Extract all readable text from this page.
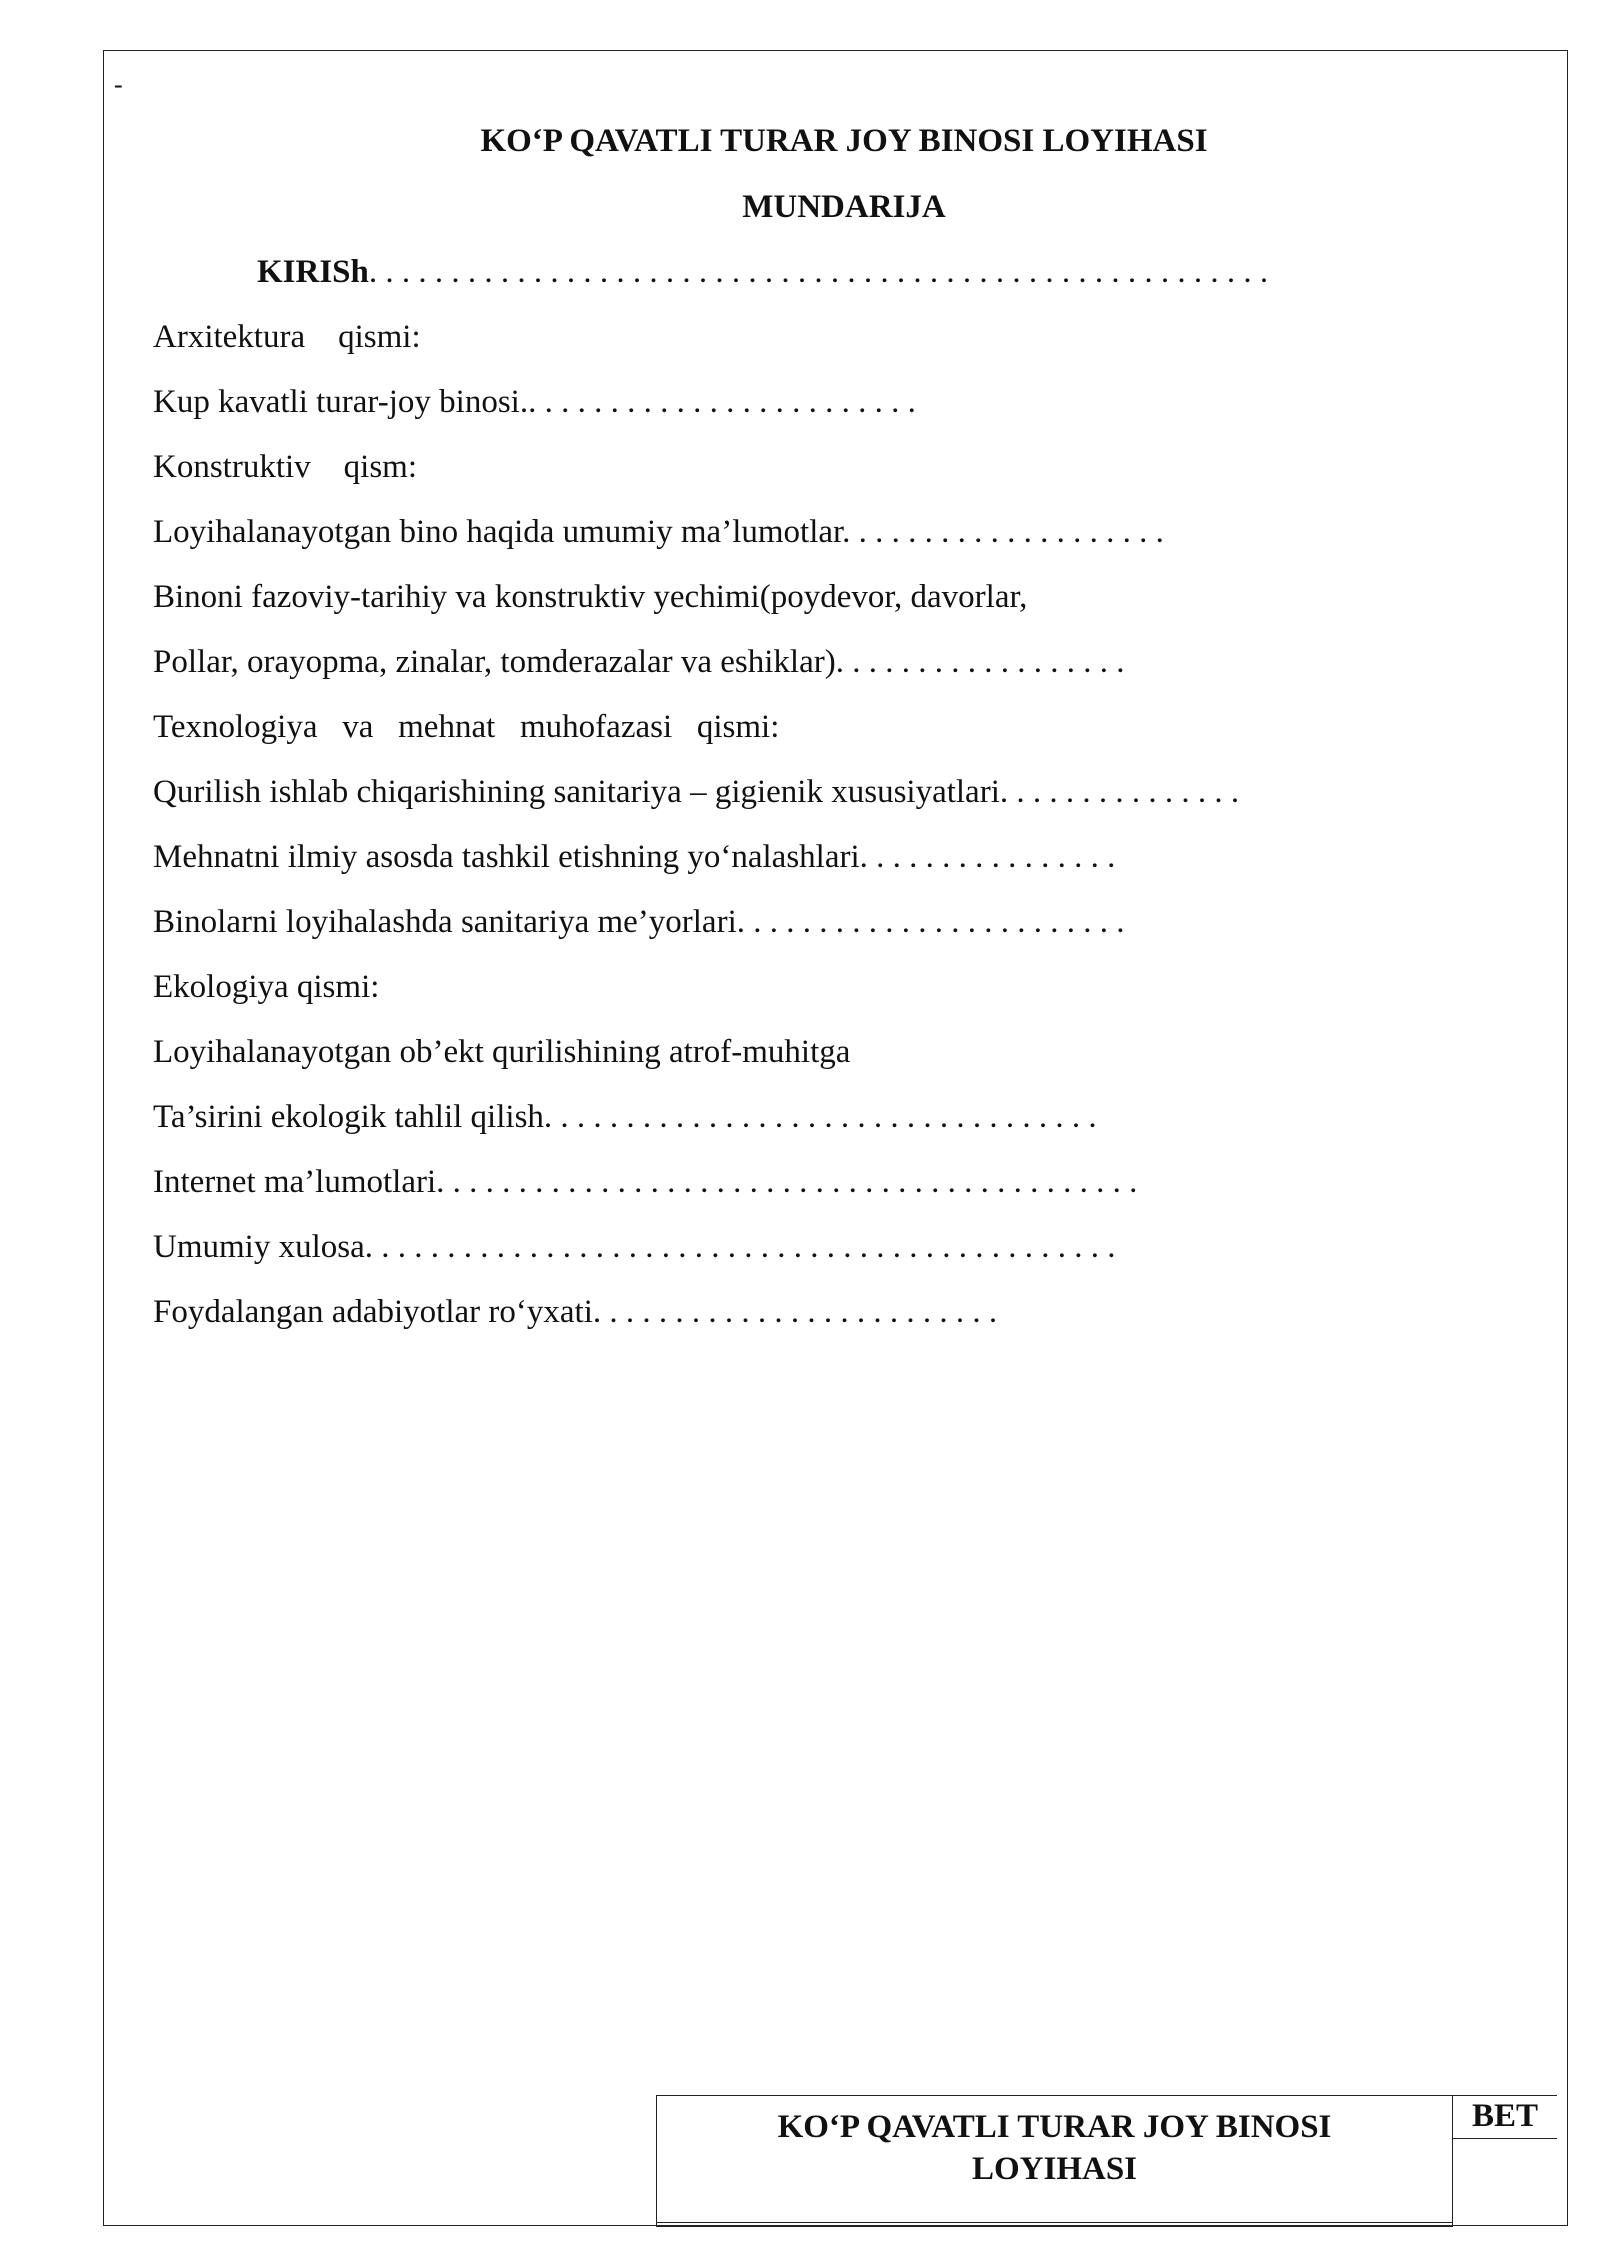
-
KO‘P QAVATLI TURAR JOY BINOSI LOYIHASI
MUNDARIJA
KIRISh. . . . . . . . . . . . . . . . . . . . . . . . . . . . . . . . . . . . . . . . . . . . . . . . . . . . . . .
Arxitektura    qismi:
Kup kavatli turar-joy binosi.. . . . . . . . . . . . . . . . . . . . . . . .
Konstruktiv    qism:
Loyihalanayotgan bino haqida umumiy ma’lumotlar. . . . . . . . . . . . . . . . . . . .
Binoni fazoviy-tarihiy va konstruktiv yechimi(poydevor, davorlar,
Pollar, orayopma, zinalar, tomderazalar va eshiklar). . . . . . . . . . . . . . . . . .
Texnologiya   va   mehnat   muhofazasi   qismi:
Qurilish ishlab chiqarishining sanitariya – gigienik xususiyatlari. . . . . . . . . . . . . . .
Mehnatni ilmiy asosda tashkil etishning yo‘nalashlari. . . . . . . . . . . . . . . .
Binolarni loyihalashda sanitariya me’yorlari. . . . . . . . . . . . . . . . . . . . . . . .
Ekologiya qismi:
Loyihalanayotgan ob’ekt qurilishining atrof-muhitga
Ta’sirini ekologik tahlil qilish. . . . . . . . . . . . . . . . . . . . . . . . . . . . . . . . . .
Internet ma’lumotlari. . . . . . . . . . . . . . . . . . . . . . . . . . . . . . . . . . . . . . . . . . .
Umumiy xulosa. . . . . . . . . . . . . . . . . . . . . . . . . . . . . . . . . . . . . . . . . . . . . .
Foydalangan adabiyotlar ro‘yxati. . . . . . . . . . . . . . . . . . . . . . . . .
KO‘P QAVATLI TURAR JOY BINOSI
LOYIHASI
BET
